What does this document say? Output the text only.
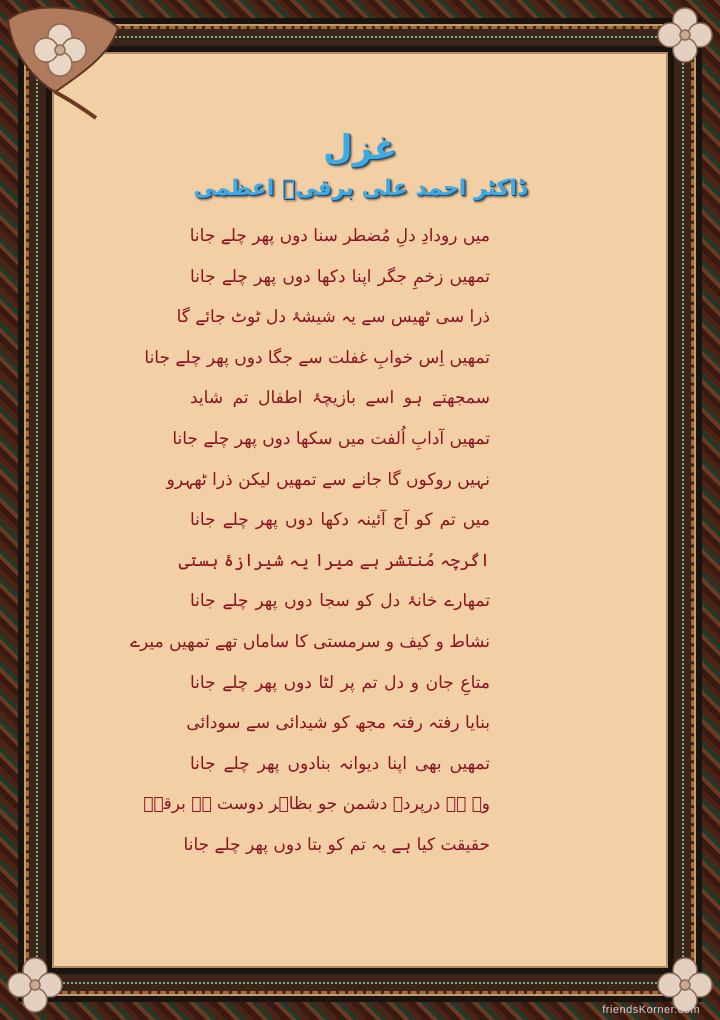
غزل
ڈاکٹر احمد علی برقیؔ اعظمی
میں رودادِ دلِ مُضطر سنا دوں پھر چلے جانا
تمھیں زخمِ جگر اپنا دکھا دوں پھر چلے جانا
ذرا سی ٹھیس سے یہ شیشۂ دل ٹوٹ جائے گا
تمھیں اِس خوابِ غفلت سے جگا دوں پھر چلے جانا
سمجھتے ہو اسے بازیچۂ اطفال تم شاید
تمھیں آدابِ اُلفت میں سکھا دوں پھر چلے جانا
نہیں روکوں گا جانے سے تمھیں لیکن ذرا ٹھہرو
میں تم کو آج آئینہ دکھا دوں پھر چلے جانا
اگرچہ مُنتشر ہے میرا یہ شیرازۂ ہستی
تمھارے خانۂ دل کو سجا دوں پھر چلے جانا
نشاط و کیف و سرمستی کا ساماں تھے تمھیں میرے
متاعِ جان و دل تم پر لٹا دوں پھر چلے جانا
بنایا رفتہ رفتہ مجھ کو شیدائی سے سودائی
تمھیں بھی اپنا دیوانہ بنادوں پھر چلے جانا
وہ ہے درپردہ دشمن جو بظاہر دوست ہے برقیؔ
حقیقت کیا ہے یہ تم کو بتا دوں پھر چلے جانا
friendsKorner.com
